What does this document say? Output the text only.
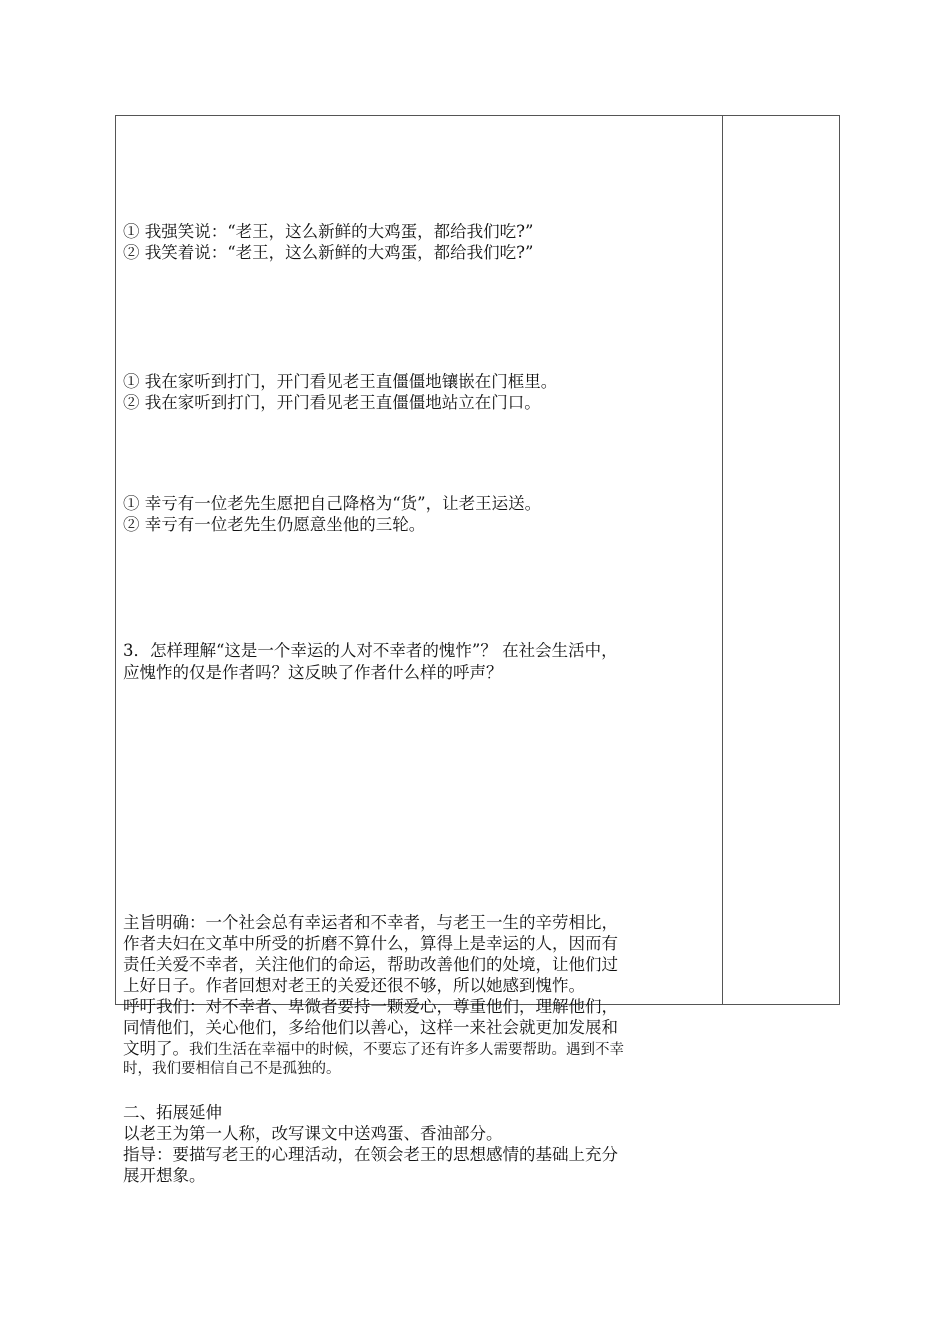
① 我强笑说：“老王，这么新鲜的大鸡蛋，都给我们吃?”
② 我笑着说：“老王，这么新鲜的大鸡蛋，都给我们吃?”
① 我在家听到打门，开门看见老王直僵僵地镶嵌在门框里。
② 我在家听到打门，开门看见老王直僵僵地站立在门口。
① 幸亏有一位老先生愿把自己降格为“货”，让老王运送。
② 幸亏有一位老先生仍愿意坐他的三轮。
3．怎样理解“这是一个幸运的人对不幸者的愧怍”？ 在社会生活中，
应愧怍的仅是作者吗？这反映了作者什么样的呼声？
主旨明确：一个社会总有幸运者和不幸者，与老王一生的辛劳相比，
作者夫妇在文革中所受的折磨不算什么，算得上是幸运的人，因而有
责任关爱不幸者，关注他们的命运，帮助改善他们的处境，让他们过
上好日子。作者回想对老王的关爱还很不够，所以她感到愧怍。
呼吁我们：对不幸者、卑微者要持一颗爱心，尊重他们，理解他们，
同情他们，关心他们，多给他们以善心，这样一来社会就更加发展和
文明了。我们生活在幸福中的时候，不要忘了还有许多人需要帮助。遇到不幸
时，我们要相信自己不是孤独的。
二、拓展延伸
以老王为第一人称，改写课文中送鸡蛋、香油部分。
指导：要描写老王的心理活动，在领会老王的思想感情的基础上充分
展开想象。
